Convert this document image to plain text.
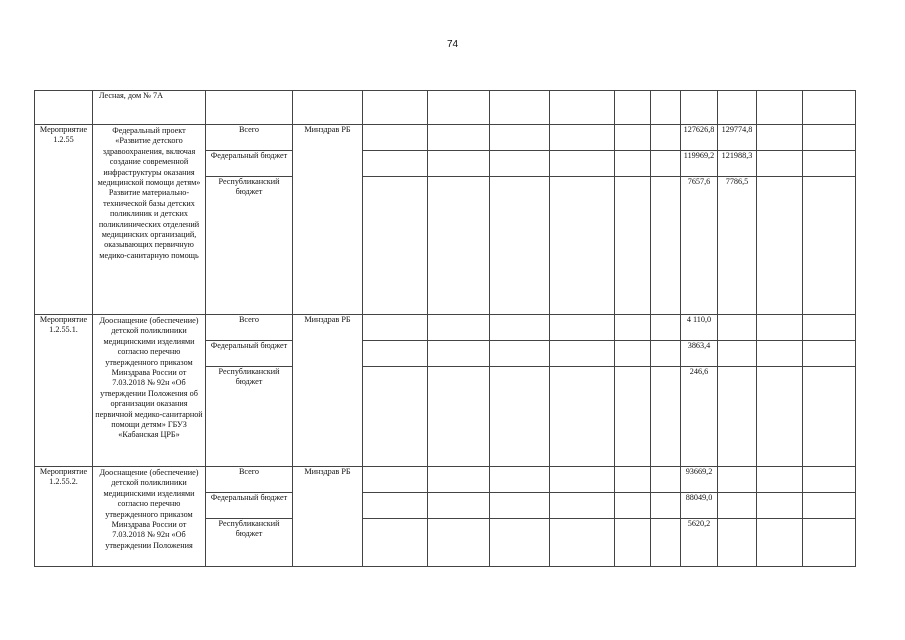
74
	Лесная, дом № 7А												
Мероприятие 1.2.55	Федеральный проект «Развитие детского здравоохранения, включая создание современной инфраструктуры оказания медицинской помощи детям» Развитие материально-технической базы детских поликлиник и детских поликлинических отделений медицинских организаций, оказывающих первичную медико-санитарную помощь	Всего	Минздрав РБ							127626,8	129774,8		
		Федеральный бюджет								119969,2	121988,3		
		Республиканский бюджет								7657,6	7786,5		
Мероприятие 1.2.55.1.	Дооснащение (обеспечение) детской поликлиники медицинскими изделиями согласно перечню утвержденного приказом Минздрава России от 7.03.2018 № 92н «Об утверждении Положения об организации оказания первичной медико-санитарной помощи детям» ГБУЗ «Кабанская ЦРБ»	Всего	Минздрав РБ							4 110,0			
		Федеральный бюджет								3863,4			
		Республиканский бюджет								246,6			
Мероприятие 1.2.55.2.	Дооснащение (обеспечение) детской поликлиники медицинскими изделиями согласно перечню утвержденного приказом Минздрава России от 7.03.2018 № 92н «Об утверждении Положения	Всего	Минздрав РБ							93669,2			
		Федеральный бюджет								88049,0			
		Республиканский бюджет								5620,2			
